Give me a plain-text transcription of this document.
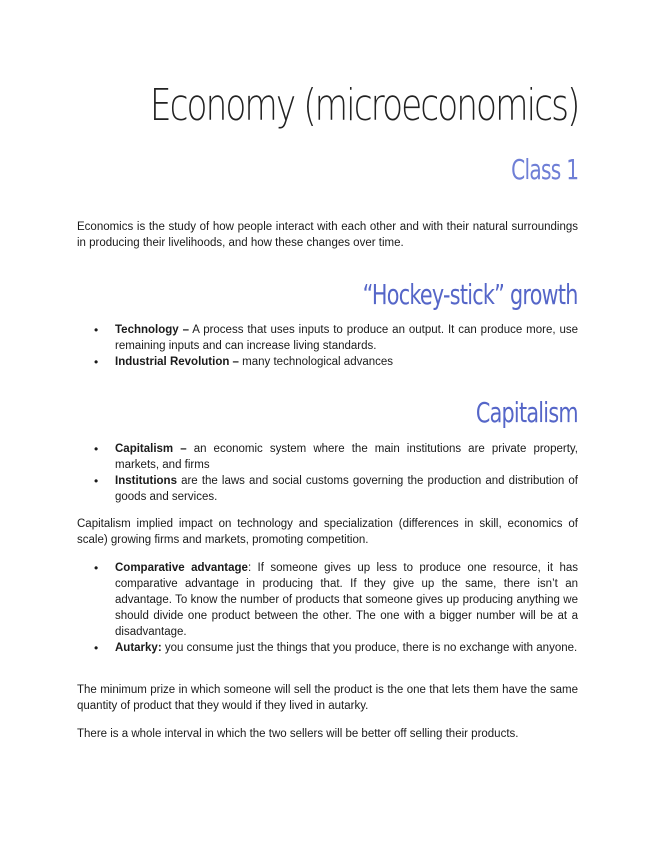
Economy (microeconomics)
Class 1

Economics is the study of how people interact with each other and with their natural surroundings in producing their livelihoods, and how these changes over time.

“Hockey-stick” growth
• Technology – A process that uses inputs to produce an output. It can produce more, use remaining inputs and can increase living standards.
• Industrial Revolution – many technological advances
Capitalism
• Capitalism – an economic system where the main institutions are private property, markets, and firms
• Institutions are the laws and social customs governing the production and distribution of goods and services.

Capitalism implied impact on technology and specialization (differences in skill, economics of scale) growing firms and markets, promoting competition.

• Comparative advantage: If someone gives up less to produce one resource, it has comparative advantage in producing that. If they give up the same, there isn’t an advantage. To know the number of products that someone gives up producing anything we should divide one product between the other. The one with a bigger number will be at a disadvantage.
• Autarky: you consume just the things that you produce, there is no exchange with anyone.

The minimum prize in which someone will sell the product is the one that lets them have the same quantity of product that they would if they lived in autarky.

There is a whole interval in which the two sellers will be better off selling their products.
